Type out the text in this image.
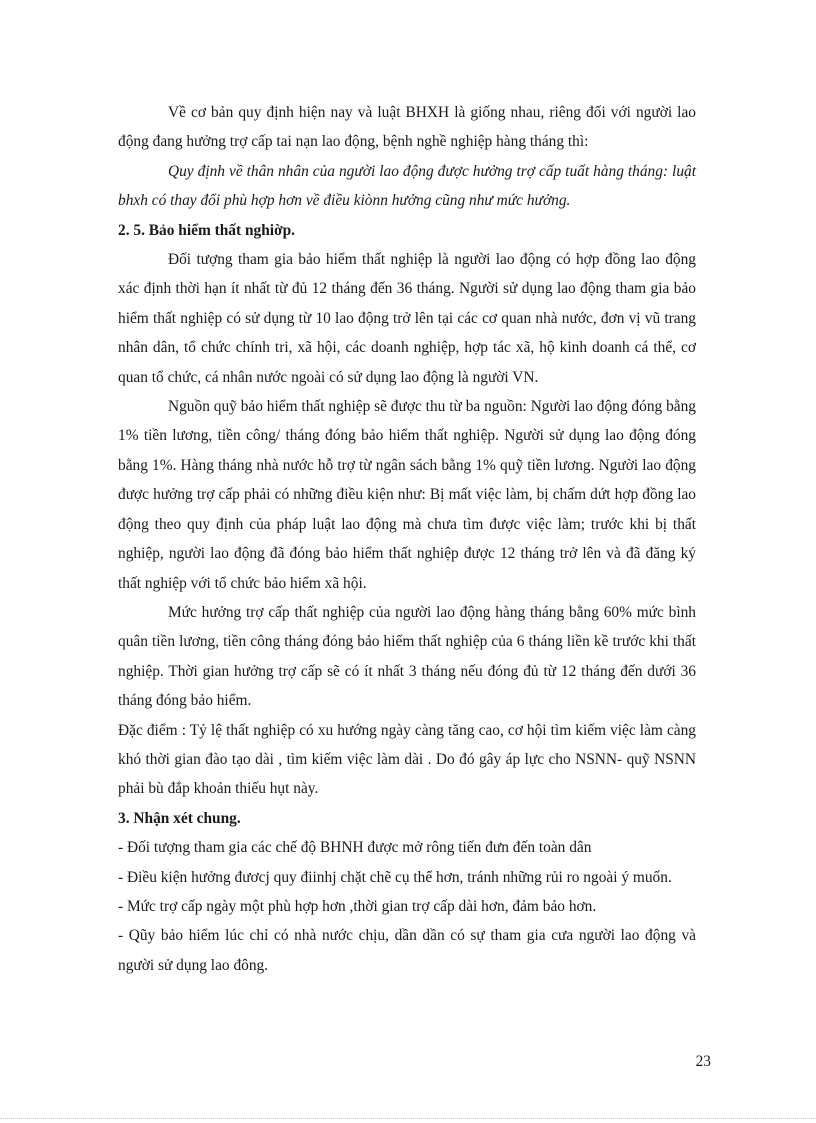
Về cơ bản quy định hiện nay và luật BHXH là giống nhau, riêng đối với người lao động đang hưởng trợ cấp tai nạn lao động, bệnh nghề nghiệp hàng tháng thì:

Quy định về thân nhân của người lao động được hưởng trợ cấp tuất hàng tháng: luật bhxh có thay đổi phù hợp hơn về điều kiònn hưởng cũng như mức hưởng.

2. 5. Bảo hiểm thất nghiờp.

Đối tượng tham gia bảo hiểm thất nghiệp là người lao động có hợp đồng lao động xác định thời hạn ít nhất từ đủ 12 tháng đến 36 tháng. Người sử dụng lao động tham gia bảo hiểm thất nghiệp có sử dụng từ 10 lao động trở lên tại các cơ quan nhà nước, đơn vị vũ trang nhân dân, tổ chức chính tri, xã hội, các doanh nghiệp, hợp tác xã, hộ kinh doanh cá thể, cơ quan tổ chức, cá nhân nước ngoài có sử dụng lao động là người VN.

Nguồn quỹ bảo hiểm thất nghiệp sẽ được thu từ ba nguồn: Người lao động đóng bằng 1% tiền lương, tiền công/ tháng đóng bảo hiểm thất nghiệp. Người sử dụng lao động đóng bằng 1%. Hàng tháng nhà nước hỗ trợ từ ngân sách bằng 1% quỹ tiền lương. Người lao động được hưởng trợ cấp phải có những điều kiện như: Bị mất việc làm, bị chấm dứt hợp đồng lao động theo quy định của pháp luật lao động mà chưa tìm được việc làm; trước khi bị thất nghiệp, người lao động đã đóng bảo hiểm thất nghiệp được 12 tháng trở lên và đã đăng ký thất nghiệp với tổ chức bảo hiểm xã hội.

Mức hưởng trợ cấp thất nghiệp của người lao động hàng tháng bằng 60% mức bình quân tiền lương, tiền công tháng đóng bảo hiểm thất nghiệp của 6 tháng liền kề trước khi thất nghiệp. Thời gian hưởng trợ cấp sẽ có ít nhất 3 tháng nếu đóng đủ từ 12 tháng đến dưới 36 tháng đóng bảo hiểm.

Đặc điểm : Tỷ lệ thất nghiệp có xu hướng ngày càng tăng cao, cơ hội tìm kiếm việc làm càng khó thời gian đào tạo dài , tìm kiếm việc làm dài . Do đó gây áp lực cho NSNN- quỹ NSNN phải bù đắp khoản thiếu hụt này.

3. Nhận xét chung.

- Đối tượng tham gia các chế độ BHNH được mở rông tiến đưn đến toàn dân

- Điều kiện hưởng đươcj quy điinhj chặt chẽ cụ thể hơn, tránh những rủi ro ngoài ý muốn.

- Mức trợ cấp ngày một phù hợp hơn ,thời gian trợ cấp dài hơn, đảm bảo hơn.

- Qũy bảo hiểm lúc chỉ có nhà nước chịu, dần dần có sự tham gia cưa người lao động và người sử dụng lao đông.

23
